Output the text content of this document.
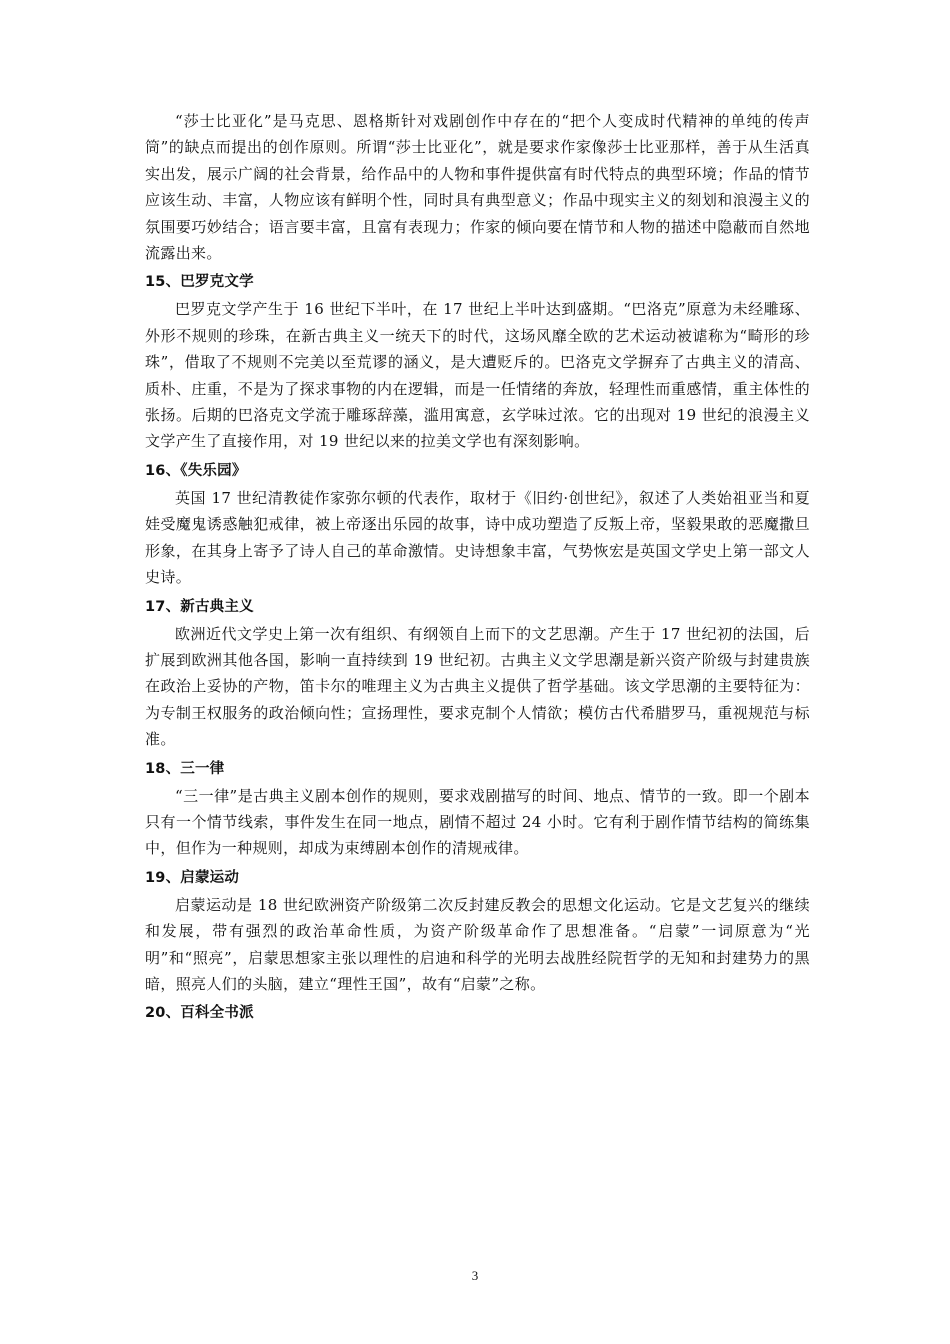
“莎士比亚化”是马克思、恩格斯针对戏剧创作中存在的“把个人变成时代精神的单纯的传声筒”的缺点而提出的创作原则。所谓“莎士比亚化”，就是要求作家像莎士比亚那样，善于从生活真实出发，展示广阔的社会背景，给作品中的人物和事件提供富有时代特点的典型环境；作品的情节应该生动、丰富，人物应该有鲜明个性，同时具有典型意义；作品中现实主义的刻划和浪漫主义的氛围要巧妙结合；语言要丰富，且富有表现力；作家的倾向要在情节和人物的描述中隐蔽而自然地流露出来。

15、巴罗克文学

巴罗克文学产生于 16 世纪下半叶，在 17 世纪上半叶达到盛期。“巴洛克”原意为未经雕琢、外形不规则的珍珠，在新古典主义一统天下的时代，这场风靡全欧的艺术运动被谑称为“畸形的珍珠”，借取了不规则不完美以至荒谬的涵义，是大遭贬斥的。巴洛克文学摒弃了古典主义的清高、质朴、庄重，不是为了探求事物的内在逻辑，而是一任情绪的奔放，轻理性而重感情，重主体性的张扬。后期的巴洛克文学流于雕琢辞藻，滥用寓意，玄学味过浓。它的出现对 19 世纪的浪漫主义文学产生了直接作用，对 19 世纪以来的拉美文学也有深刻影响。

16、《失乐园》

英国 17 世纪清教徒作家弥尔顿的代表作，取材于《旧约·创世纪》，叙述了人类始祖亚当和夏娃受魔鬼诱惑触犯戒律，被上帝逐出乐园的故事，诗中成功塑造了反叛上帝，坚毅果敢的恶魔撒旦形象，在其身上寄予了诗人自己的革命激情。史诗想象丰富，气势恢宏是英国文学史上第一部文人史诗。

17、新古典主义

欧洲近代文学史上第一次有组织、有纲领自上而下的文艺思潮。产生于 17 世纪初的法国，后扩展到欧洲其他各国，影响一直持续到 19 世纪初。古典主义文学思潮是新兴资产阶级与封建贵族在政治上妥协的产物，笛卡尔的唯理主义为古典主义提供了哲学基础。该文学思潮的主要特征为：为专制王权服务的政治倾向性；宣扬理性，要求克制个人情欲；模仿古代希腊罗马，重视规范与标准。

18、三一律

“三一律”是古典主义剧本创作的规则，要求戏剧描写的时间、地点、情节的一致。即一个剧本只有一个情节线索，事件发生在同一地点，剧情不超过 24 小时。它有利于剧作情节结构的简练集中，但作为一种规则，却成为束缚剧本创作的清规戒律。

19、启蒙运动

启蒙运动是 18 世纪欧洲资产阶级第二次反封建反教会的思想文化运动。它是文艺复兴的继续和发展，带有强烈的政治革命性质，为资产阶级革命作了思想准备。“启蒙”一词原意为“光明”和“照亮”，启蒙思想家主张以理性的启迪和科学的光明去战胜经院哲学的无知和封建势力的黑暗，照亮人们的头脑，建立“理性王国”，故有“启蒙”之称。

20、百科全书派
3
